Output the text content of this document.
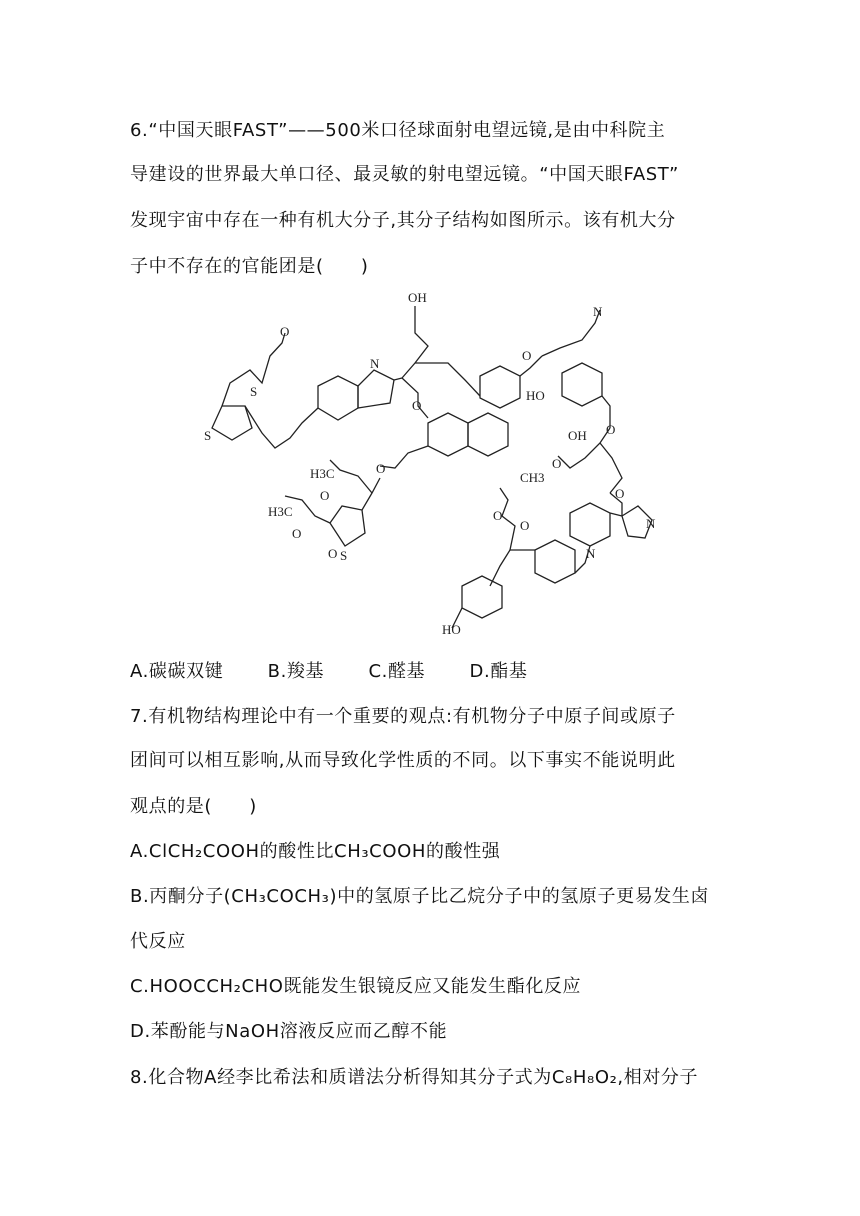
6.“中国天眼FAST”——500米口径球面射电望远镜,是由中科院主
导建设的世界最大单口径、最灵敏的射电望远镜。“中国天眼FAST”
发现宇宙中存在一种有机大分子,其分子结构如图所示。该有机大分
子中不存在的官能团是(　　)
OH
N
O
S
S
O
N
HO
OH
O
O
H3C	O
O
H3C
O
O S
CH3
O
O
O
N
N
HO
O
A.碳碳双键 B.羧基 C.醛基 D.酯基
7.有机物结构理论中有一个重要的观点:有机物分子中原子间或原子
团间可以相互影响,从而导致化学性质的不同。以下事实不能说明此
观点的是(　　)
A.ClCH₂COOH的酸性比CH₃COOH的酸性强
B.丙酮分子(CH₃COCH₃)中的氢原子比乙烷分子中的氢原子更易发生卤
代反应
C.HOOCCH₂CHO既能发生银镜反应又能发生酯化反应
D.苯酚能与NaOH溶液反应而乙醇不能
8.化合物A经李比希法和质谱法分析得知其分子式为C₈H₈O₂,相对分子
